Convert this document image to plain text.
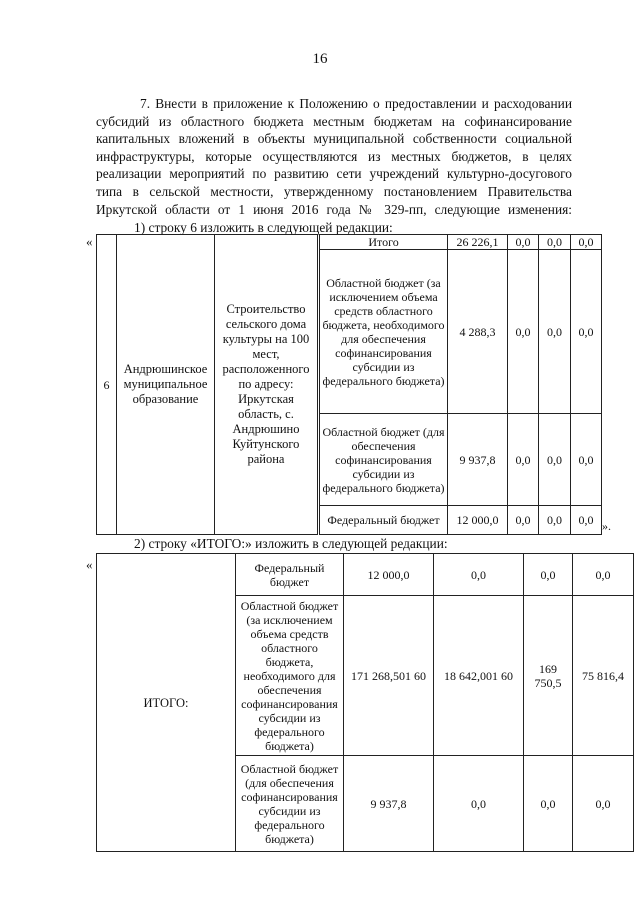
16
7. Внести в приложение к Положению о предоставлении и расходовании
субсидий из областного бюджета местным бюджетам на софинансирование
капитальных вложений в объекты муниципальной собственности социальной
инфраструктуры, которые осуществляются из местных бюджетов, в целях
реализации мероприятий по развитию сети учреждений культурно-досугового
типа в сельской местности, утвержденному постановлением Правительства
Иркутской области от 1 июня 2016 года № 329-пп, следующие изменения:
1) строку 6 изложить в следующей редакции:
«
6	Андрюшинское муниципальное образование	Строительство сельского дома культуры на 100 мест, расположенного по адресу: Иркутская область, с. Андрюшино Куйтунского района	Итого	26 226,1	0,0	0,0	0,0
			Областной бюджет (за исключением объема средств областного бюджета, необходимого для обеспечения софинансирования субсидии из федерального бюджета)	4 288,3	0,0	0,0	0,0
			Областной бюджет (для обеспечения софинансирования субсидии из федерального бюджета)	9 937,8	0,0	0,0	0,0
			Федеральный бюджет	12 000,0	0,0	0,0	0,0 ».
2) строку «ИТОГО:» изложить в следующей редакции:
«
ИТОГО:	Федеральный бюджет	12 000,0	0,0	0,0	0,0
	Областной бюджет (за исключением объема средств областного бюджета, необходимого для обеспечения софинансирования субсидии из федерального бюджета)	171 268,501 60	18 642,001 60	169 750,5	75 816,4
	Областной бюджет (для обеспечения софинансирования субсидии из федерального бюджета)	9 937,8	0,0	0,0	0,0
